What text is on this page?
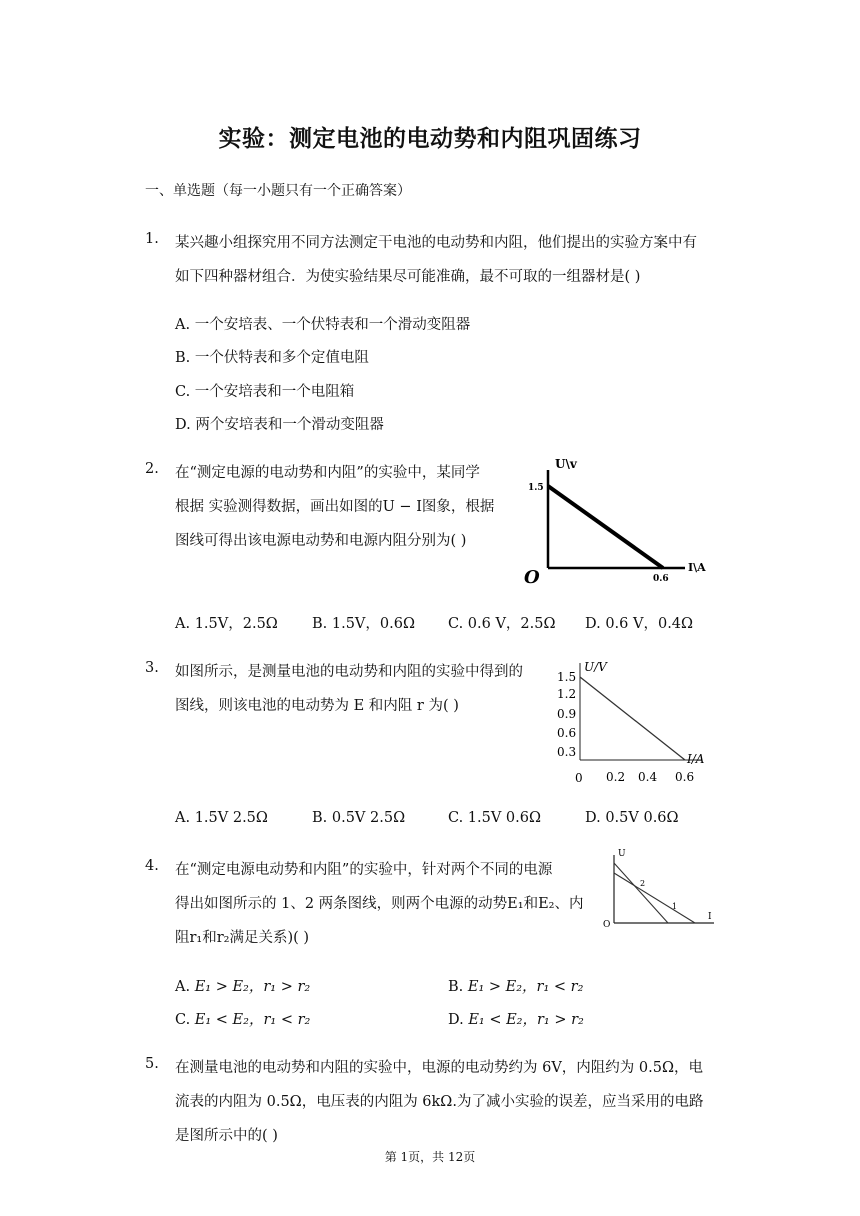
实验：测定电池的电动势和内阻巩固练习
一、单选题（每一小题只有一个正确答案）
1. 某兴趣小组探究用不同方法测定干电池的电动势和内阻，他们提出的实验方案中有
如下四种器材组合．为使实验结果尽可能准确，最不可取的一组器材是( )
A. 一个安培表、一个伏特表和一个滑动变阻器
B. 一个伏特表和多个定值电阻
C. 一个安培表和一个电阻箱
D. 两个安培表和一个滑动变阻器
2. 在“测定电源的电动势和内阻”的实验中，某同学
根据 实验测得数据，画出如图的U − I图象，根据
图线可得出该电源电动势和电源内阻分别为( )
U\v
I\A
1.5
0.6
O
A. 1.5V，2.5Ω B. 1.5V，0.6Ω C. 0.6 V，2.5Ω D. 0.6 V，0.4Ω
3. 如图所示，是测量电池的电动势和内阻的实验中得到的
图线，则该电池的电动势为 E 和内阻 r 为( )
U/V
I/A
1.5
1.2
0.9
0.6
0.3
0 0.2 0.4 0.6
A. 1.5V 2.5Ω	B. 0.5V 2.5Ω	C. 1.5V 0.6Ω	D. 0.5V 0.6Ω
4. 在“测定电源电动势和内阻”的实验中，针对两个不同的电源
得出如图所示的 1、2 两条图线，则两个电源的动势E₁和E₂、内
阻r₁和r₂满足关系)( )
U
I
O
1
2
A. E₁ > E₂，r₁ > r₂	B. E₁ > E₂，r₁ < r₂
C. E₁ < E₂，r₁ < r₂	D. E₁ < E₂，r₁ > r₂
5. 在测量电池的电动势和内阻的实验中，电源的电动势约为 6V，内阻约为 0.5Ω，电
流表的内阻为 0.5Ω，电压表的内阻为 6kΩ.为了减小实验的误差，应当采用的电路
是图所示中的( )
第 1页，共 12页
